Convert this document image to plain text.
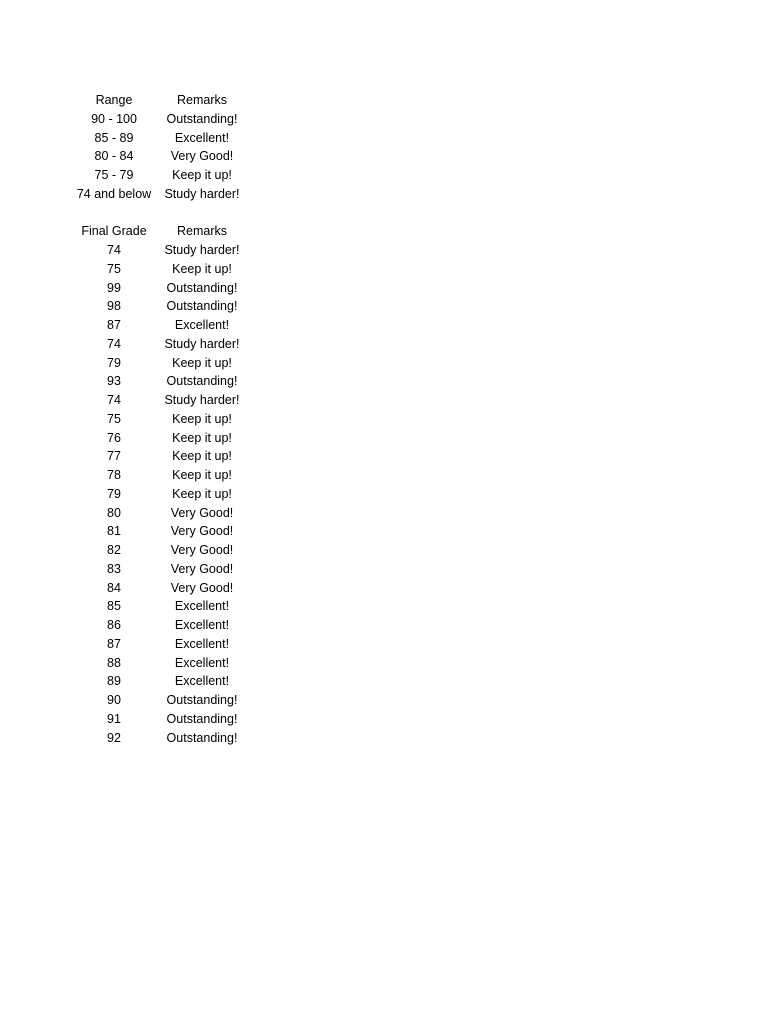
Range	Remarks
90 - 100	Outstanding!
85 - 89	Excellent!
80 - 84	Very Good!
75 - 79	Keep it up!
74 and below	Study harder!
Final Grade	Remarks
74	Study harder!
75	Keep it up!
99	Outstanding!
98	Outstanding!
87	Excellent!
74	Study harder!
79	Keep it up!
93	Outstanding!
74	Study harder!
75	Keep it up!
76	Keep it up!
77	Keep it up!
78	Keep it up!
79	Keep it up!
80	Very Good!
81	Very Good!
82	Very Good!
83	Very Good!
84	Very Good!
85	Excellent!
86	Excellent!
87	Excellent!
88	Excellent!
89	Excellent!
90	Outstanding!
91	Outstanding!
92	Outstanding!
